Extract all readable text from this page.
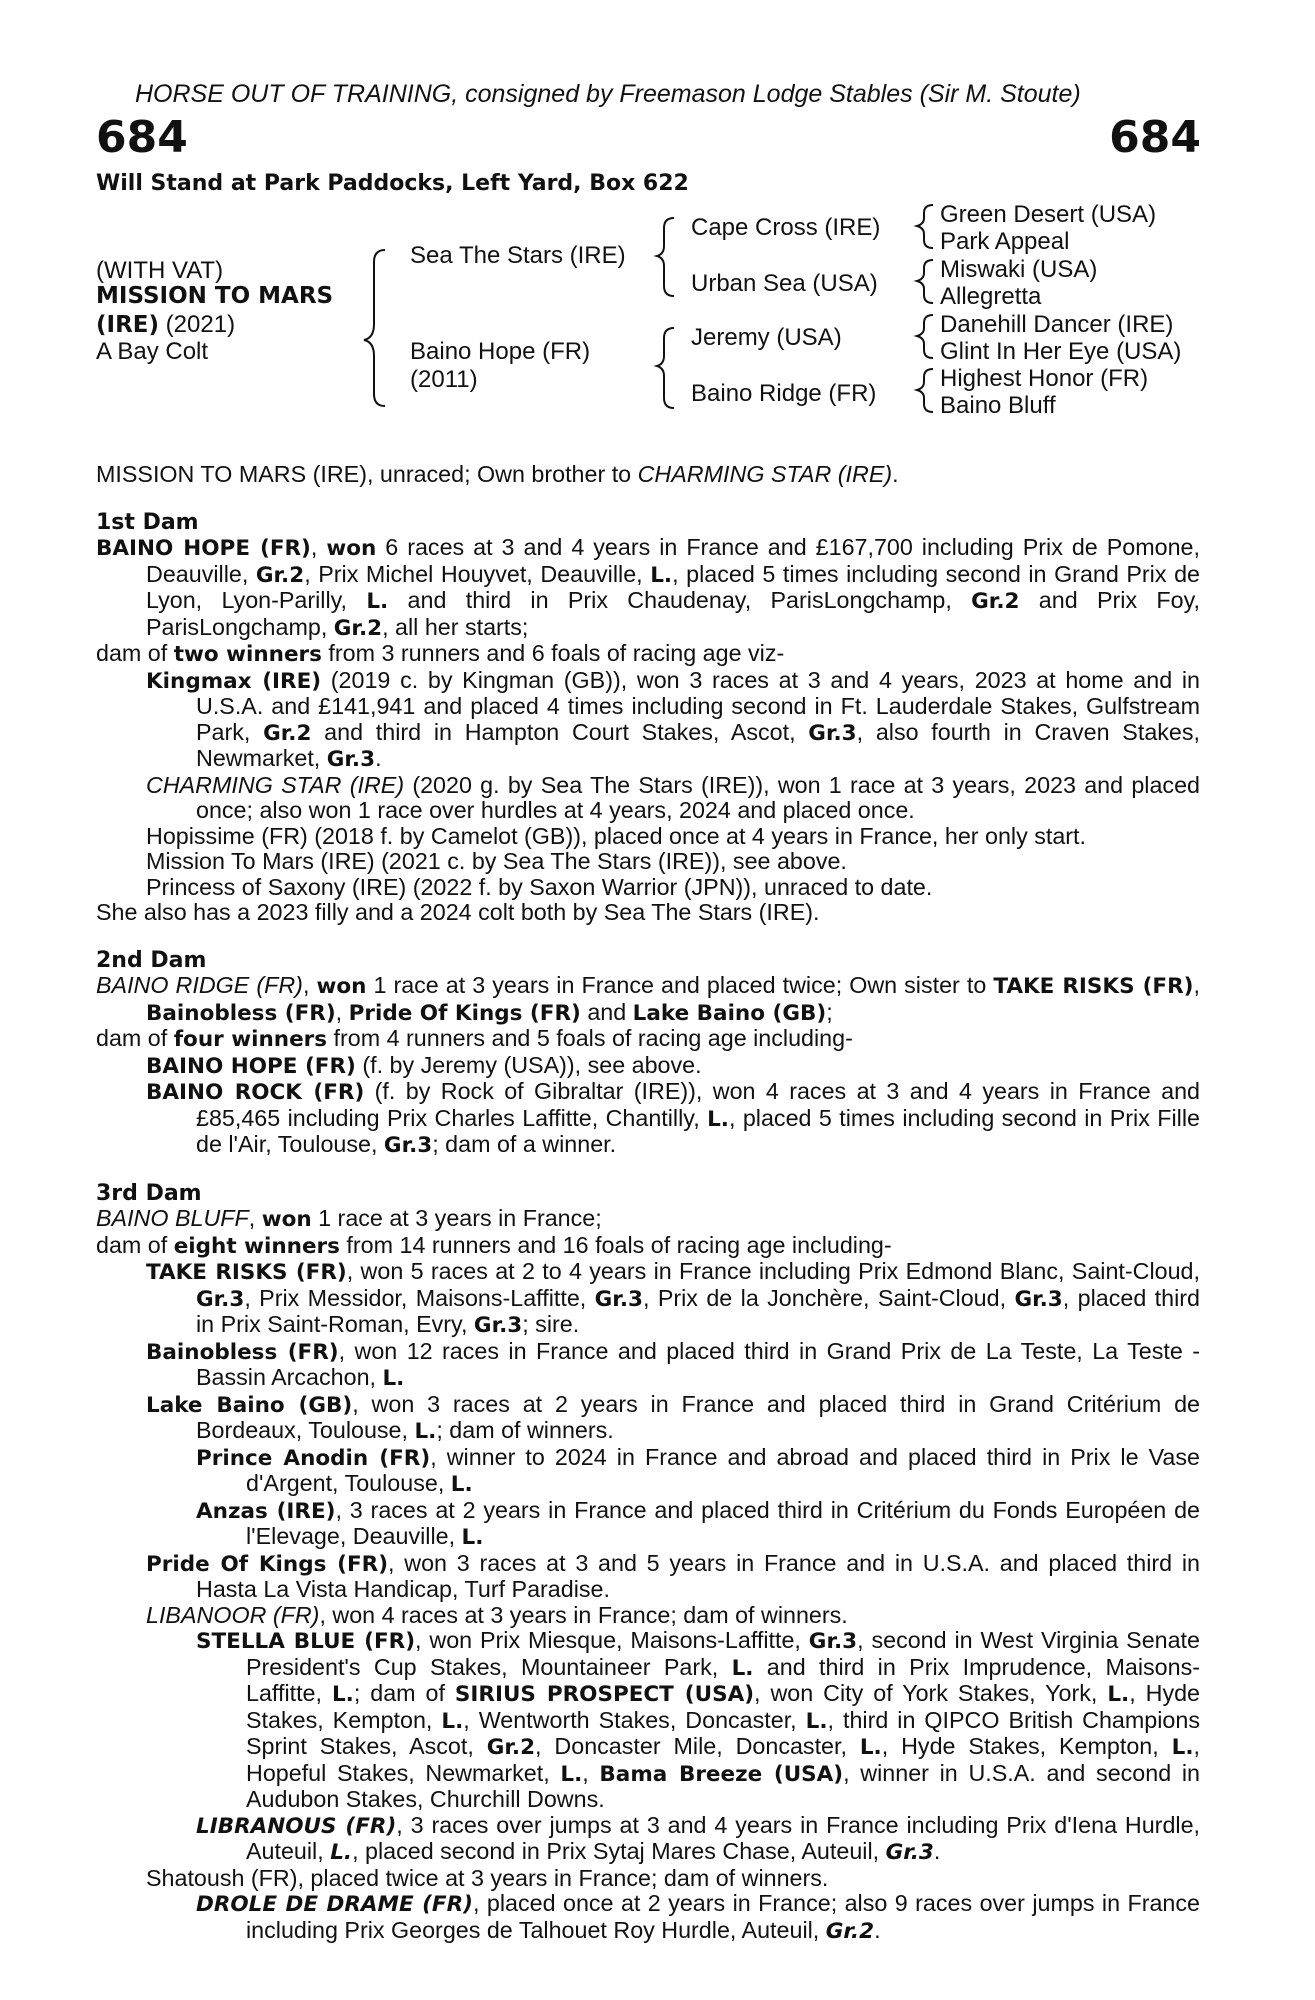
HORSE OUT OF TRAINING, consigned by Freemason Lodge Stables (Sir M. Stoute)
684	684
Will Stand at Park Paddocks, Left Yard, Box 622
(WITH VAT)
MISSION TO MARS
(IRE) (2021)
A Bay Colt
Sea The Stars (IRE)
Baino Hope (FR)
(2011)
Cape Cross (IRE)
Urban Sea (USA)
Jeremy (USA)
Baino Ridge (FR)
Green Desert (USA)
Park Appeal
Miswaki (USA)
Allegretta
Danehill Dancer (IRE)
Glint In Her Eye (USA)
Highest Honor (FR)
Baino Bluff

MISSION TO MARS (IRE), unraced; Own brother to CHARMING STAR (IRE).

1st Dam

BAINO HOPE (FR), won 6 races at 3 and 4 years in France and £167,700 including Prix de Pomone, Deauville, Gr.2, Prix Michel Houyvet, Deauville, L., placed 5 times including second in Grand Prix de Lyon, Lyon-Parilly, L. and third in Prix Chaudenay, ParisLongchamp, Gr.2 and Prix Foy, ParisLongchamp, Gr.2, all her starts;

dam of two winners from 3 runners and 6 foals of racing age viz-

Kingmax (IRE) (2019 c. by Kingman (GB)), won 3 races at 3 and 4 years, 2023 at home and in U.S.A. and £141,941 and placed 4 times including second in Ft. Lauderdale Stakes, Gulfstream Park, Gr.2 and third in Hampton Court Stakes, Ascot, Gr.3, also fourth in Craven Stakes, Newmarket, Gr.3.

CHARMING STAR (IRE) (2020 g. by Sea The Stars (IRE)), won 1 race at 3 years, 2023 and placed once; also won 1 race over hurdles at 4 years, 2024 and placed once.

Hopissime (FR) (2018 f. by Camelot (GB)), placed once at 4 years in France, her only start.

Mission To Mars (IRE) (2021 c. by Sea The Stars (IRE)), see above.

Princess of Saxony (IRE) (2022 f. by Saxon Warrior (JPN)), unraced to date.

She also has a 2023 filly and a 2024 colt both by Sea The Stars (IRE).

2nd Dam

BAINO RIDGE (FR), won 1 race at 3 years in France and placed twice; Own sister to TAKE RISKS (FR), Bainobless (FR), Pride Of Kings (FR) and Lake Baino (GB);

dam of four winners from 4 runners and 5 foals of racing age including-

BAINO HOPE (FR) (f. by Jeremy (USA)), see above.

BAINO ROCK (FR) (f. by Rock of Gibraltar (IRE)), won 4 races at 3 and 4 years in France and £85,465 including Prix Charles Laffitte, Chantilly, L., placed 5 times including second in Prix Fille de l'Air, Toulouse, Gr.3; dam of a winner.

3rd Dam

BAINO BLUFF, won 1 race at 3 years in France;

dam of eight winners from 14 runners and 16 foals of racing age including-

TAKE RISKS (FR), won 5 races at 2 to 4 years in France including Prix Edmond Blanc, Saint-Cloud, Gr.3, Prix Messidor, Maisons-Laffitte, Gr.3, Prix de la Jonchère, Saint-Cloud, Gr.3, placed third in Prix Saint-Roman, Evry, Gr.3; sire.

Bainobless (FR), won 12 races in France and placed third in Grand Prix de La Teste, La Teste - Bassin Arcachon, L.

Lake Baino (GB), won 3 races at 2 years in France and placed third in Grand Critérium de Bordeaux, Toulouse, L.; dam of winners.

Prince Anodin (FR), winner to 2024 in France and abroad and placed third in Prix le Vase d'Argent, Toulouse, L.

Anzas (IRE), 3 races at 2 years in France and placed third in Critérium du Fonds Européen de l'Elevage, Deauville, L.

Pride Of Kings (FR), won 3 races at 3 and 5 years in France and in U.S.A. and placed third in Hasta La Vista Handicap, Turf Paradise.

LIBANOOR (FR), won 4 races at 3 years in France; dam of winners.

STELLA BLUE (FR), won Prix Miesque, Maisons-Laffitte, Gr.3, second in West Virginia Senate President's Cup Stakes, Mountaineer Park, L. and third in Prix Imprudence, Maisons-Laffitte, L.; dam of SIRIUS PROSPECT (USA), won City of York Stakes, York, L., Hyde Stakes, Kempton, L., Wentworth Stakes, Doncaster, L., third in QIPCO British Champions Sprint Stakes, Ascot, Gr.2, Doncaster Mile, Doncaster, L., Hyde Stakes, Kempton, L., Hopeful Stakes, Newmarket, L., Bama Breeze (USA), winner in U.S.A. and second in Audubon Stakes, Churchill Downs.

LIBRANOUS (FR), 3 races over jumps at 3 and 4 years in France including Prix d'Iena Hurdle, Auteuil, L., placed second in Prix Sytaj Mares Chase, Auteuil, Gr.3.

Shatoush (FR), placed twice at 3 years in France; dam of winners.

DROLE DE DRAME (FR), placed once at 2 years in France; also 9 races over jumps in France including Prix Georges de Talhouet Roy Hurdle, Auteuil, Gr.2.
